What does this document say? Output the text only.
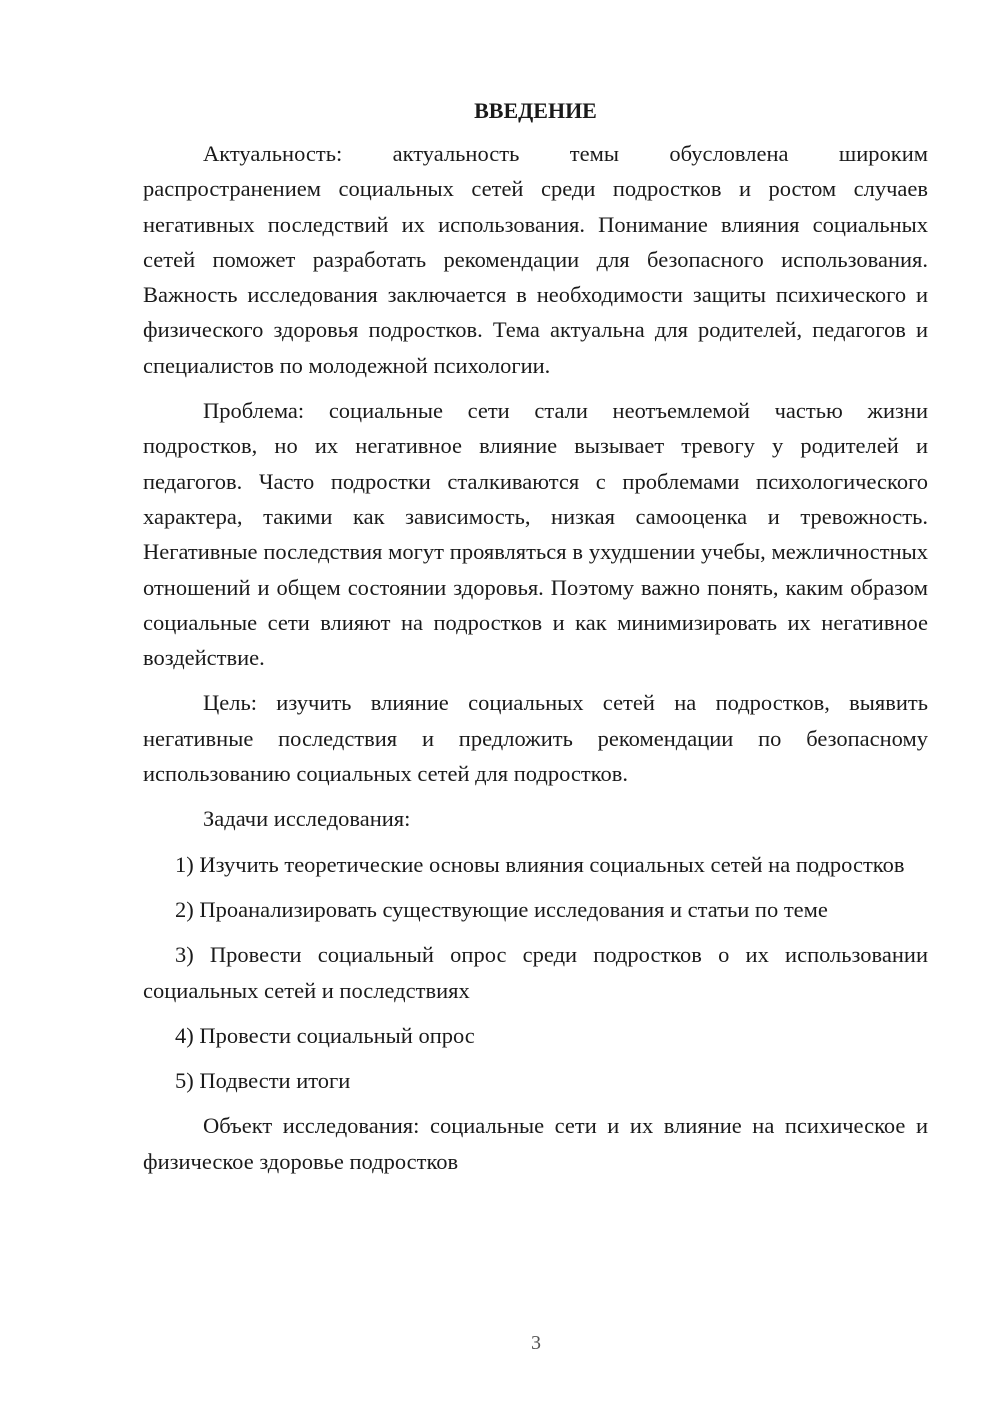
ВВЕДЕНИЕ

Актуальность: актуальность темы обусловлена широким распространением социальных сетей среди подростков и ростом случаев негативных последствий их использования. Понимание влияния социальных сетей поможет разработать рекомендации для безопасного использования. Важность исследования заключается в необходимости защиты психического и физического здоровья подростков. Тема актуальна для родителей, педагогов и специалистов по молодежной психологии.

Проблема: социальные сети стали неотъемлемой частью жизни подростков, но их негативное влияние вызывает тревогу у родителей и педагогов. Часто подростки сталкиваются с проблемами психологического характера, такими как зависимость, низкая самооценка и тревожность. Негативные последствия могут проявляться в ухудшении учебы, межличностных отношений и общем состоянии здоровья. Поэтому важно понять, каким образом социальные сети влияют на подростков и как минимизировать их негативное воздействие.

Цель: изучить влияние социальных сетей на подростков, выявить негативные последствия и предложить рекомендации по безопасному использованию социальных сетей для подростков.

Задачи исследования:

1) Изучить теоретические основы влияния социальных сетей на подростков

2) Проанализировать существующие исследования и статьи по теме

3) Провести социальный опрос среди подростков о их использовании социальных сетей и последствиях

4) Провести социальный опрос

5) Подвести итоги

Объект исследования: социальные сети и их влияние на психическое и физическое здоровье подростков

3
